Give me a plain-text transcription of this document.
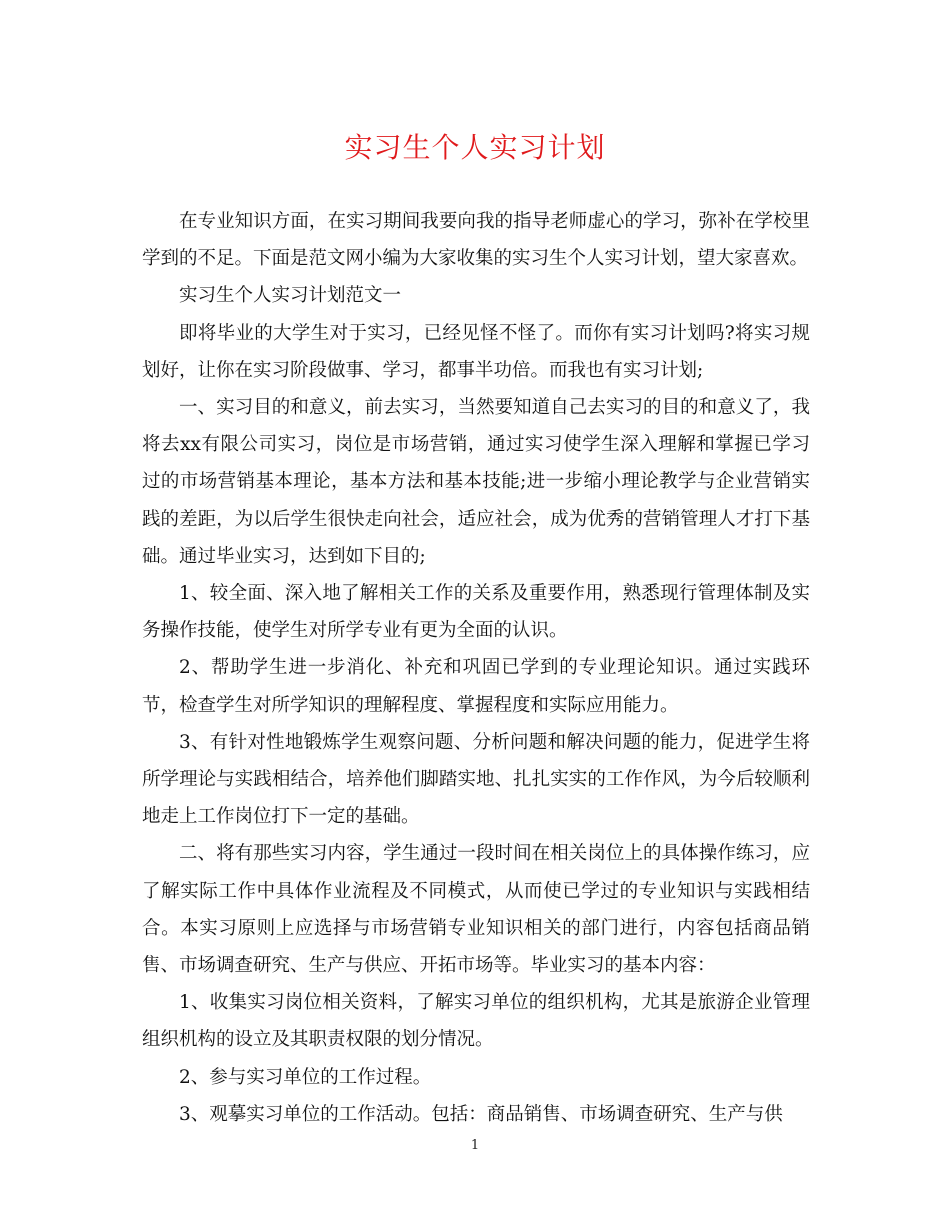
实习生个人实习计划

在专业知识方面，在实习期间我要向我的指导老师虚心的学习，弥补在学校里学到的不足。下面是范文网小编为大家收集的实习生个人实习计划，望大家喜欢。

实习生个人实习计划范文一

即将毕业的大学生对于实习，已经见怪不怪了。而你有实习计划吗?将实习规划好，让你在实习阶段做事、学习，都事半功倍。而我也有实习计划;

一、实习目的和意义，前去实习，当然要知道自己去实习的目的和意义了，我将去xx有限公司实习，岗位是市场营销，通过实习使学生深入理解和掌握已学习过的市场营销基本理论，基本方法和基本技能;进一步缩小理论教学与企业营销实践的差距，为以后学生很快走向社会，适应社会，成为优秀的营销管理人才打下基础。通过毕业实习，达到如下目的;

1、较全面、深入地了解相关工作的关系及重要作用，熟悉现行管理体制及实务操作技能，使学生对所学专业有更为全面的认识。

2、帮助学生进一步消化、补充和巩固已学到的专业理论知识。通过实践环节，检查学生对所学知识的理解程度、掌握程度和实际应用能力。

3、有针对性地锻炼学生观察问题、分析问题和解决问题的能力，促进学生将所学理论与实践相结合，培养他们脚踏实地、扎扎实实的工作作风，为今后较顺利地走上工作岗位打下一定的基础。

二、将有那些实习内容，学生通过一段时间在相关岗位上的具体操作练习，应了解实际工作中具体作业流程及不同模式，从而使已学过的专业知识与实践相结合。本实习原则上应选择与市场营销专业知识相关的部门进行，内容包括商品销售、市场调查研究、生产与供应、开拓市场等。毕业实习的基本内容：

1、收集实习岗位相关资料，了解实习单位的组织机构，尤其是旅游企业管理组织机构的设立及其职责权限的划分情况。

2、参与实习单位的工作过程。

3、观摹实习单位的工作活动。包括：商品销售、市场调查研究、生产与供

1
